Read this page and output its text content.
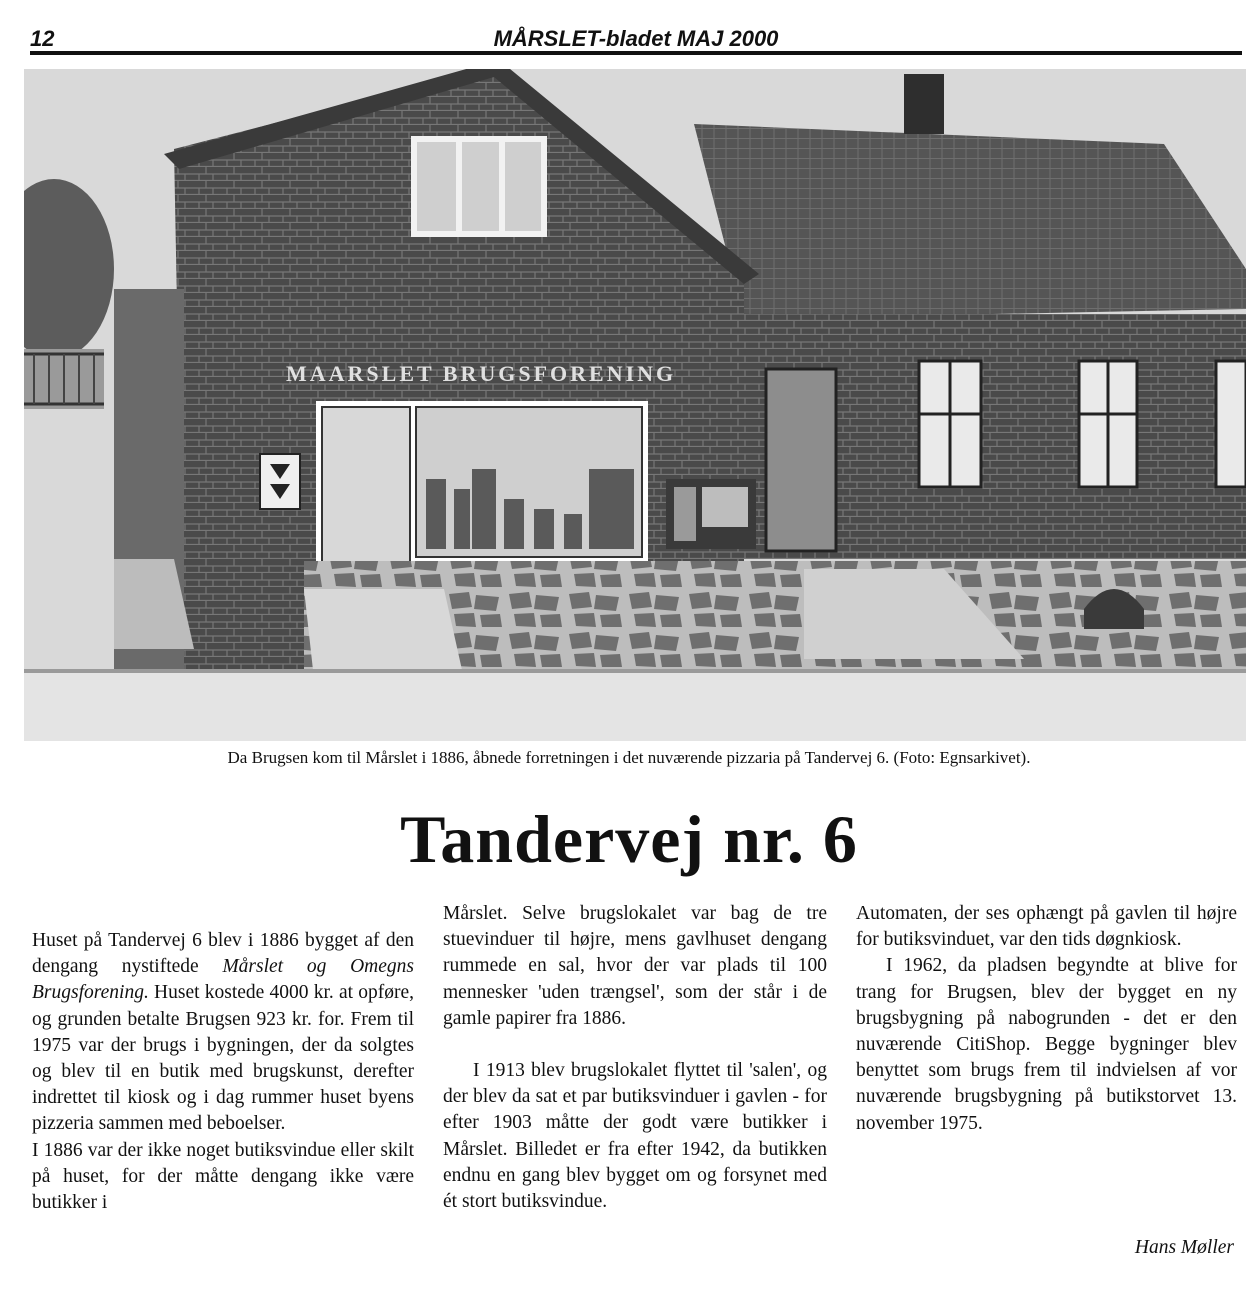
12	MÅRSLET-bladet MAJ 2000
MAARSLET BRUGSFORENING
Da Brugsen kom til Mårslet i 1886, åbnede forretningen i det nuværende pizzaria på Tandervej 6. (Foto: Egnsarkivet).
Tandervej nr. 6

Huset på Tandervej 6 blev i 1886 bygget af den dengang nystiftede Mårslet og Omegns Brugsforening. Huset kostede 4000 kr. at opføre, og grunden betalte Brugsen 923 kr. for. Frem til 1975 var der brugs i bygningen, der da solgtes og blev til en butik med brugskunst, derefter indrettet til kiosk og i dag rummer huset byens pizzeria sammen med beboelser.

I 1886 var der ikke noget butiksvindue eller skilt på huset, for der måtte dengang ikke være butikker i

Mårslet. Selve brugslokalet var bag de tre stuevinduer til højre, mens gavlhuset dengang rummede en sal, hvor der var plads til 100 mennesker 'uden trængsel', som der står i de gamle papirer fra 1886.

I 1913 blev brugslokalet flyttet til 'salen', og der blev da sat et par butiksvinduer i gavlen - for efter 1903 måtte der godt være butikker i Mårslet. Billedet er fra efter 1942, da butikken endnu en gang blev bygget om og forsynet med ét stort butiksvindue.

Automaten, der ses ophængt på gavlen til højre for butiksvinduet, var den tids døgnkiosk.

I 1962, da pladsen begyndte at blive for trang for Brugsen, blev der bygget en ny brugsbygning på nabogrunden - det er den nuværende CitiShop. Begge bygninger blev benyttet som brugs frem til indvielsen af vor nuværende brugsbygning på butikstorvet 13. november 1975.

Hans Møller
